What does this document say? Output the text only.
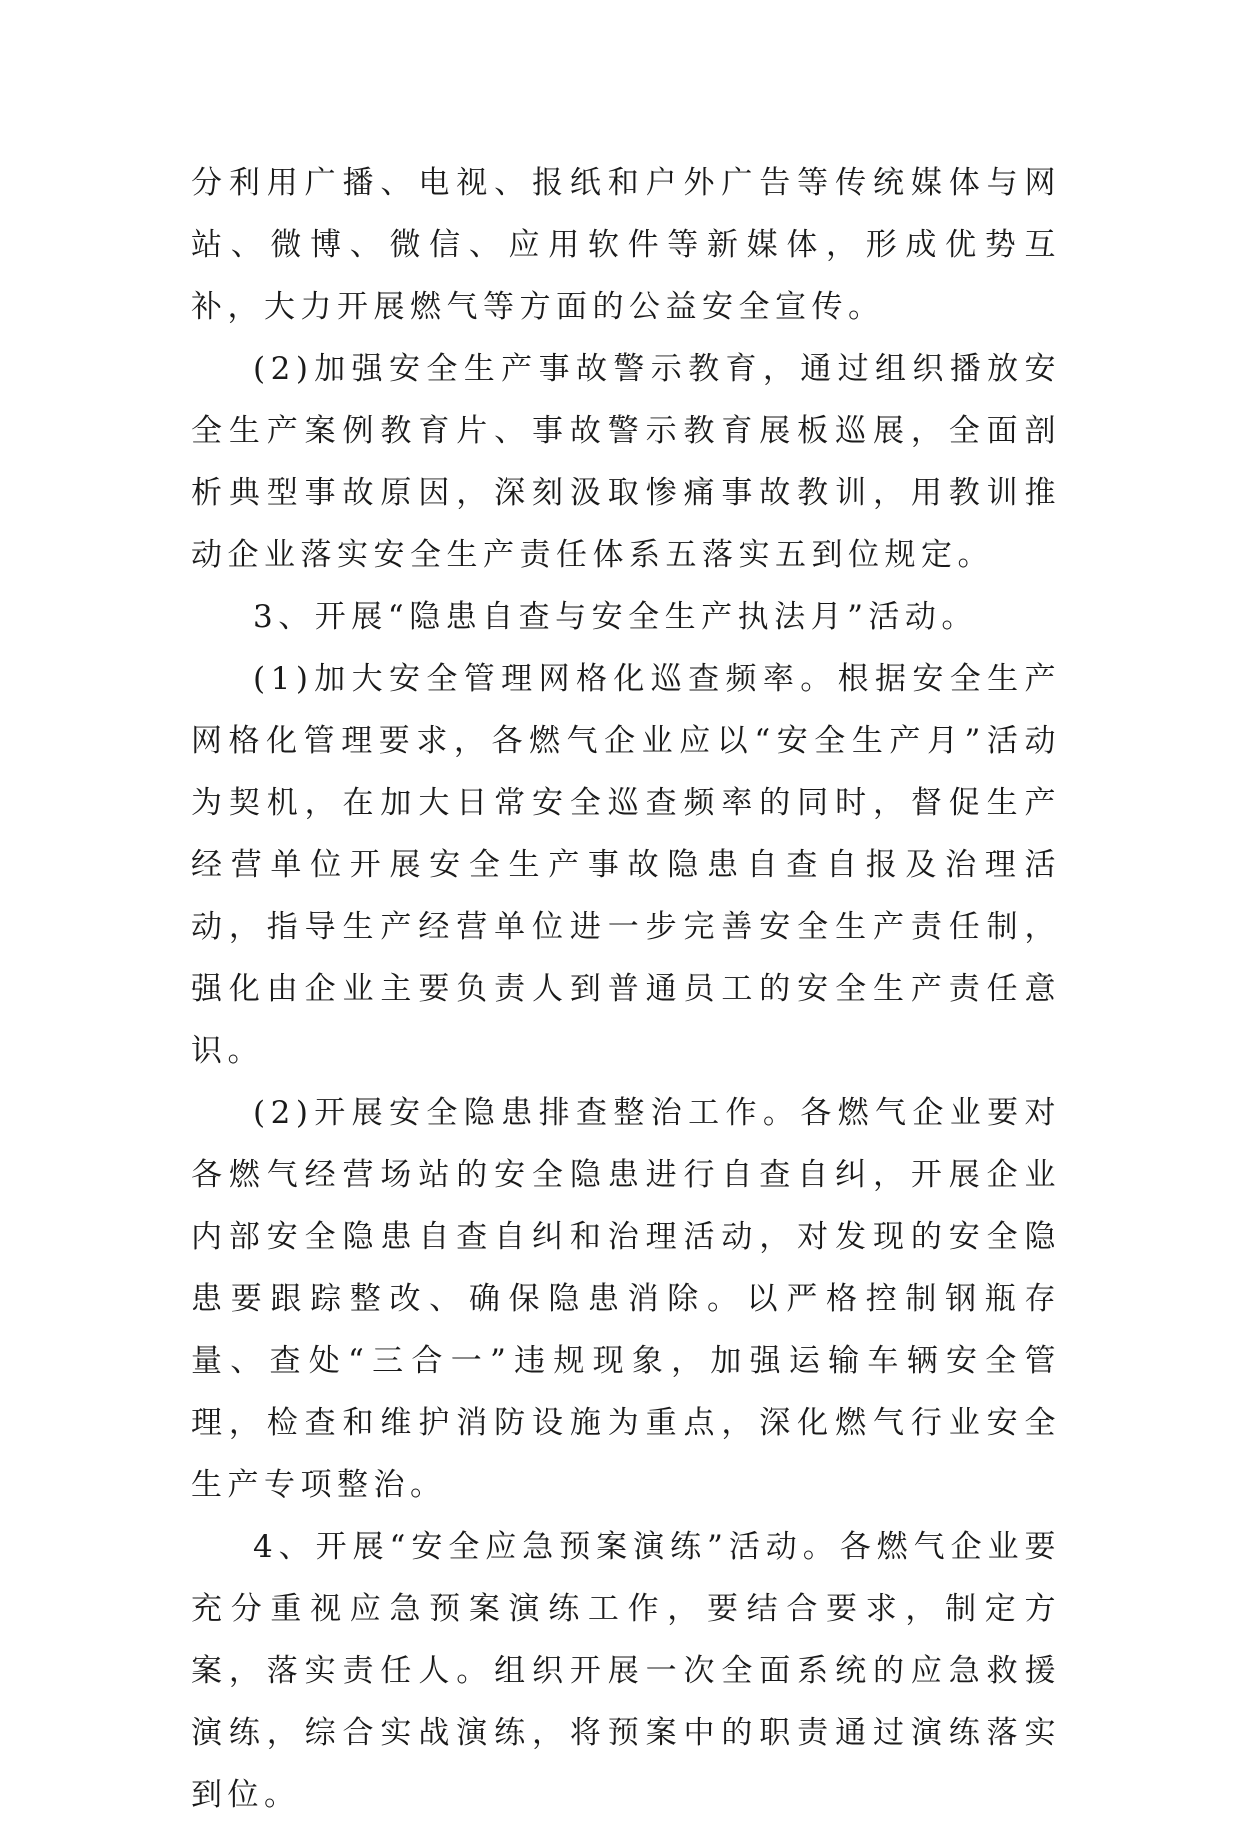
分利用广播、电视、报纸和户外广告等传统媒体与网站、微博、微信、应用软件等新媒体，形成优势互补，大力开展燃气等方面的公益安全宣传。

(2)加强安全生产事故警示教育，通过组织播放安全生产案例教育片、事故警示教育展板巡展，全面剖析典型事故原因，深刻汲取惨痛事故教训，用教训推动企业落实安全生产责任体系五落实五到位规定。

3、开展“隐患自查与安全生产执法月”活动。

(1)加大安全管理网格化巡查频率。根据安全生产网格化管理要求，各燃气企业应以“安全生产月”活动为契机，在加大日常安全巡查频率的同时，督促生产经营单位开展安全生产事故隐患自查自报及治理活动，指导生产经营单位进一步完善安全生产责任制，强化由企业主要负责人到普通员工的安全生产责任意识。

(2)开展安全隐患排查整治工作。各燃气企业要对各燃气经营场站的安全隐患进行自查自纠，开展企业内部安全隐患自查自纠和治理活动，对发现的安全隐患要跟踪整改、确保隐患消除。以严格控制钢瓶存量、查处“三合一”违规现象，加强运输车辆安全管理，检查和维护消防设施为重点，深化燃气行业安全生产专项整治。

4、开展“安全应急预案演练”活动。各燃气企业要充分重视应急预案演练工作，要结合要求，制定方案，落实责任人。组织开展一次全面系统的应急救援演练，综合实战演练，将预案中的职责通过演练落实到位。
